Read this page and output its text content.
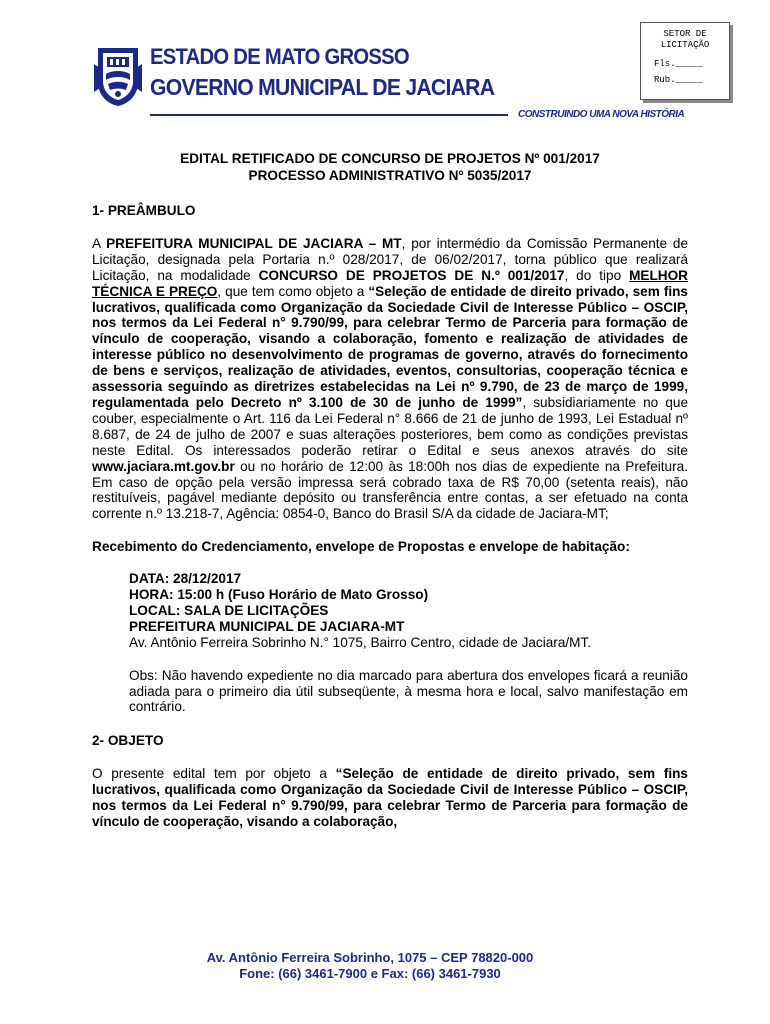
ESTADO DE MATO GROSSO
GOVERNO MUNICIPAL DE JACIARA
CONSTRUINDO UMA NOVA HISTÓRIA
SETOR DE
LICITAÇÃO
Fls._____
Rub._____
EDITAL RETIFICADO DE CONCURSO DE PROJETOS Nº 001/2017
PROCESSO ADMINISTRATIVO Nº 5035/2017
1- PREÂMBULO
A PREFEITURA MUNICIPAL DE JACIARA – MT, por intermédio da Comissão Permanente de Licitação, designada pela Portaria n.º 028/2017, de 06/02/2017, torna público que realizará Licitação, na modalidade CONCURSO DE PROJETOS DE N.º 001/2017, do tipo MELHOR TÉCNICA E PREÇO, que tem como objeto a “Seleção de entidade de direito privado, sem fins lucrativos, qualificada como Organização da Sociedade Civil de Interesse Público – OSCIP, nos termos da Lei Federal n° 9.790/99, para celebrar Termo de Parceria para formação de vínculo de cooperação, visando a colaboração, fomento e realização de atividades de interesse público no desenvolvimento de programas de governo, através do fornecimento de bens e serviços, realização de atividades, eventos, consultorias, cooperação técnica e assessoria seguindo as diretrizes estabelecidas na Lei nº 9.790, de 23 de março de 1999, regulamentada pelo Decreto nº 3.100 de 30 de junho de 1999”, subsidiariamente no que couber, especialmente o Art. 116 da Lei Federal n° 8.666 de 21 de junho de 1993, Lei Estadual nº 8.687, de 24 de julho de 2007 e suas alterações posteriores, bem como as condições previstas neste Edital. Os interessados poderão retirar o Edital e seus anexos através do site www.jaciara.mt.gov.br ou no horário de 12:00 às 18:00h nos dias de expediente na Prefeitura. Em caso de opção pela versão impressa será cobrado taxa de R$ 70,00 (setenta reais), não restituíveis, pagável mediante depósito ou transferência entre contas, a ser efetuado na conta corrente n.º 13.218-7, Agência: 0854-0, Banco do Brasil S/A da cidade de Jaciara-MT;
Recebimento do Credenciamento, envelope de Propostas e envelope de habitação:
DATA: 28/12/2017
HORA: 15:00 h (Fuso Horário de Mato Grosso)
LOCAL: SALA DE LICITAÇÕES
PREFEITURA MUNICIPAL DE JACIARA-MT
Av. Antônio Ferreira Sobrinho N.° 1075, Bairro Centro, cidade de Jaciara/MT.
Obs: Não havendo expediente no dia marcado para abertura dos envelopes ficará a reunião adiada para o primeiro dia útil subseqüente, à mesma hora e local, salvo manifestação em contrário.
2- OBJETO
O presente edital tem por objeto a “Seleção de entidade de direito privado, sem fins lucrativos, qualificada como Organização da Sociedade Civil de Interesse Público – OSCIP, nos termos da Lei Federal n° 9.790/99, para celebrar Termo de Parceria para formação de vínculo de cooperação, visando a colaboração,
Av. Antônio Ferreira Sobrinho, 1075 – CEP 78820-000
Fone: (66) 3461-7900 e Fax: (66) 3461-7930
